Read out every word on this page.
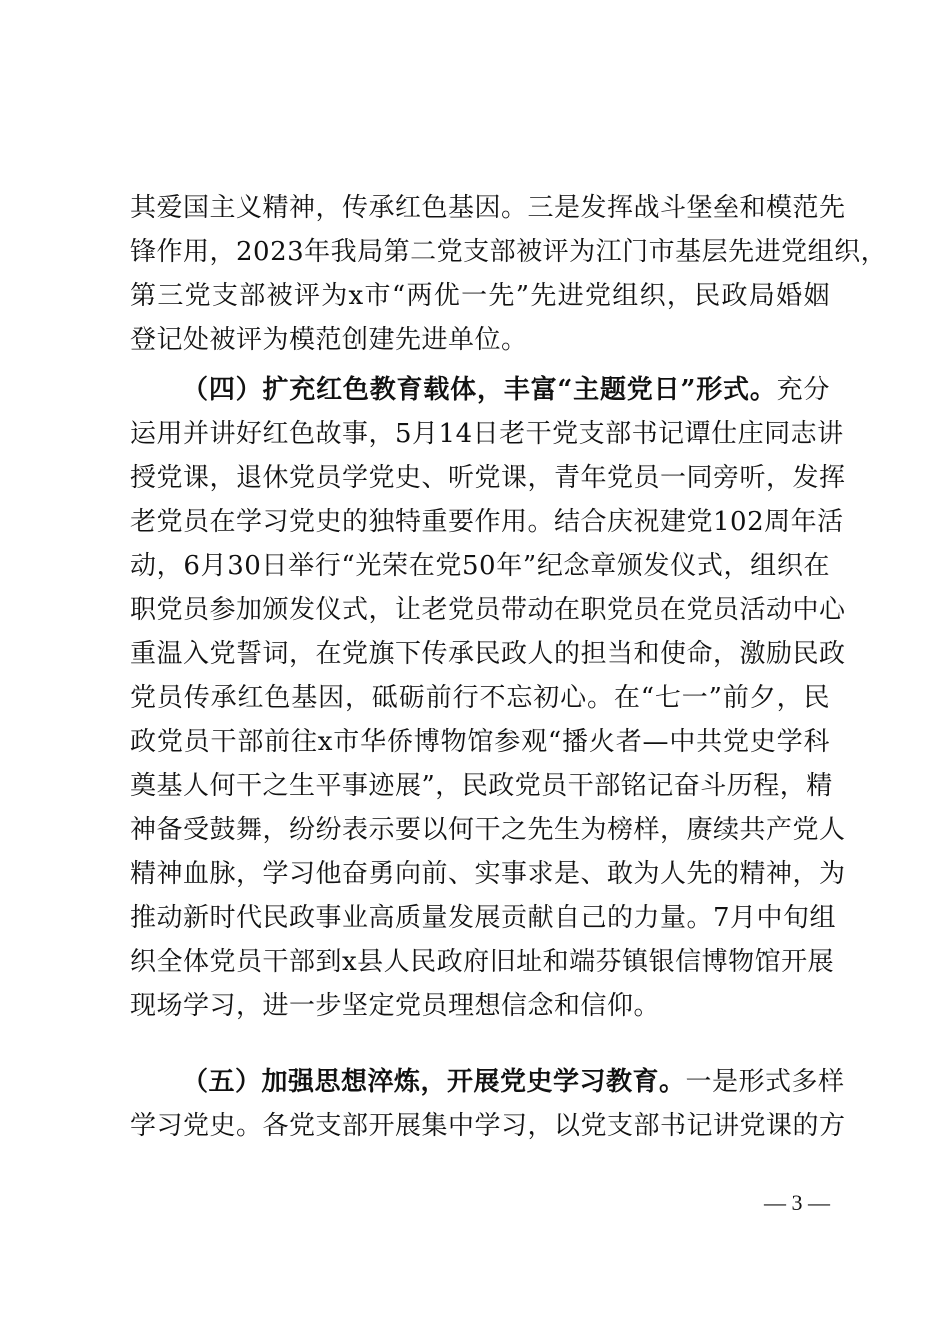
其爱国主义精神，传承红色基因。三是发挥战斗堡垒和模范先
锋作用，2023年我局第二党支部被评为江门市基层先进党组织，
第三党支部被评为x市“两优一先”先进党组织，民政局婚姻
登记处被评为模范创建先进单位。
（四）扩充红色教育载体，丰富“主题党日”形式。充分
运用并讲好红色故事，5月14日老干党支部书记谭仕庄同志讲
授党课，退休党员学党史、听党课，青年党员一同旁听，发挥
老党员在学习党史的独特重要作用。结合庆祝建党102周年活
动，6月30日举行“光荣在党50年”纪念章颁发仪式，组织在
职党员参加颁发仪式，让老党员带动在职党员在党员活动中心
重温入党誓词，在党旗下传承民政人的担当和使命，激励民政
党员传承红色基因，砥砺前行不忘初心。在“七一”前夕，民
政党员干部前往x市华侨博物馆参观“播火者—中共党史学科
奠基人何干之生平事迹展”，民政党员干部铭记奋斗历程，精
神备受鼓舞，纷纷表示要以何干之先生为榜样，赓续共产党人
精神血脉，学习他奋勇向前、实事求是、敢为人先的精神，为
推动新时代民政事业高质量发展贡献自己的力量。7月中旬组
织全体党员干部到x县人民政府旧址和端芬镇银信博物馆开展
现场学习，进一步坚定党员理想信念和信仰。
（五）加强思想淬炼，开展党史学习教育。一是形式多样
学习党史。各党支部开展集中学习，以党支部书记讲党课的方
— 3 —
